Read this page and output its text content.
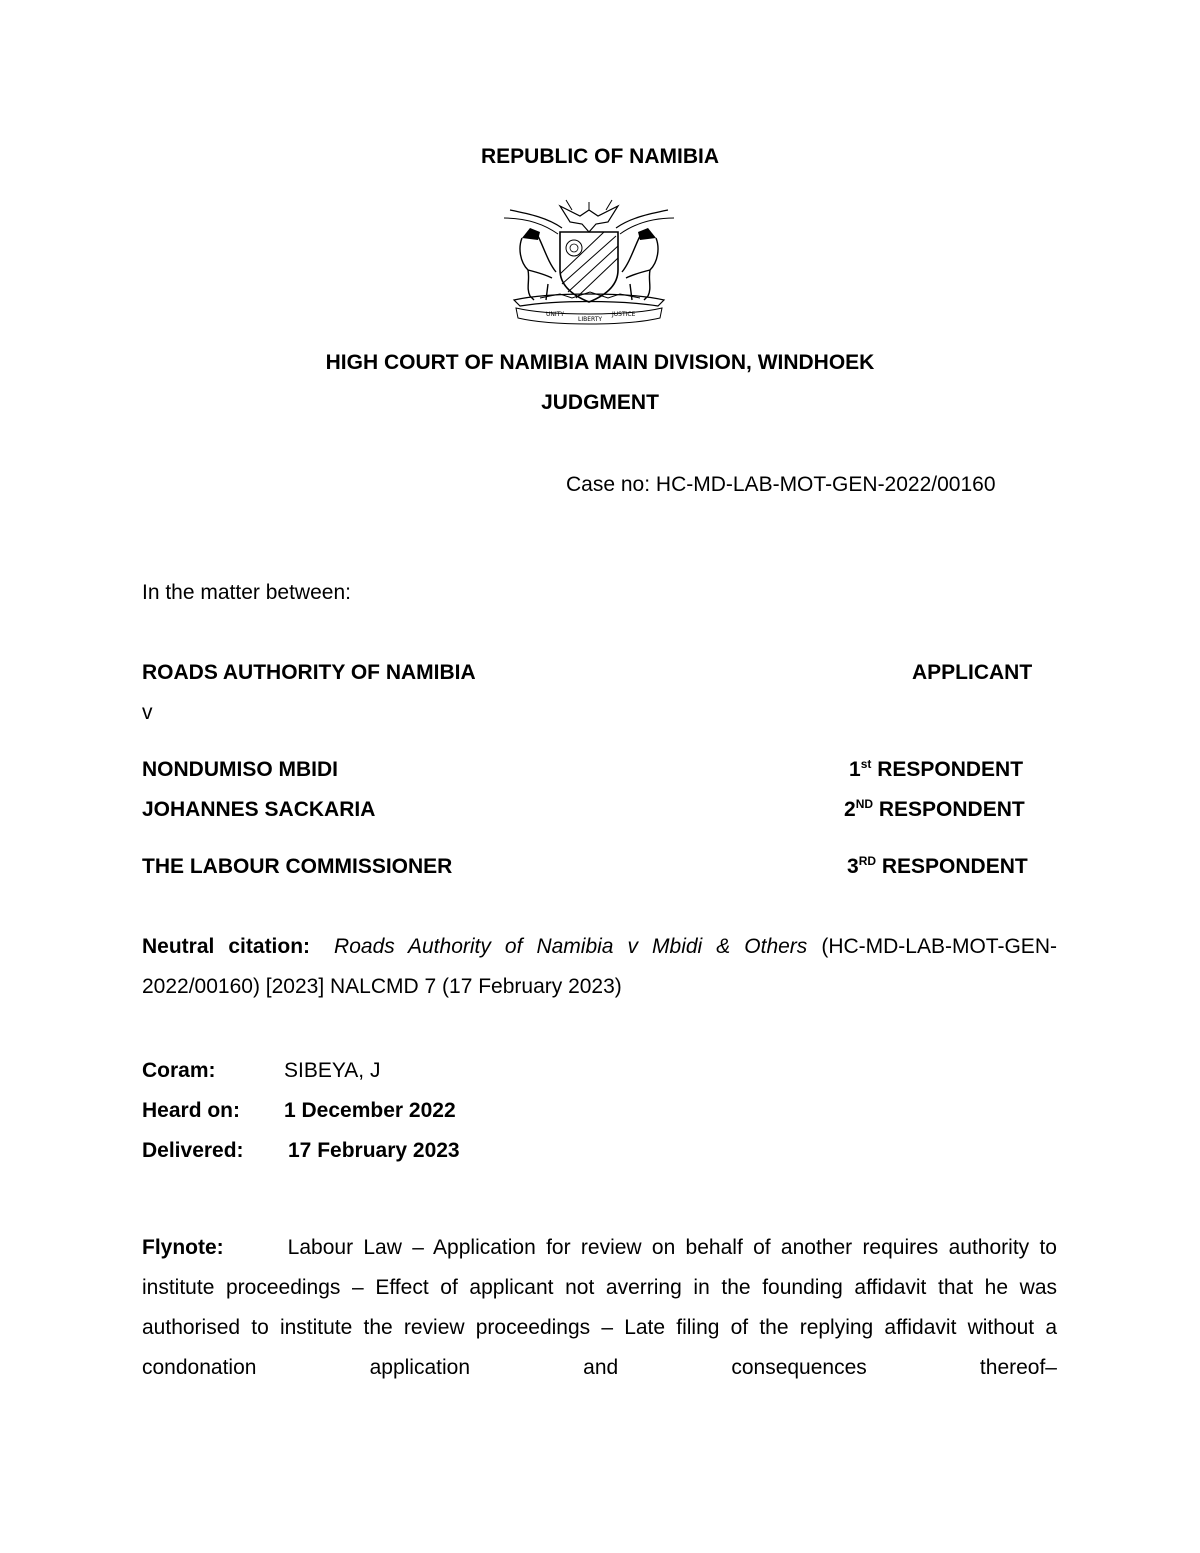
REPUBLIC OF NAMIBIA
UNITY
LIBERTY
JUSTICE
HIGH COURT OF NAMIBIA MAIN DIVISION, WINDHOEK
JUDGMENT
Case no: HC-MD-LAB-MOT-GEN-2022/00160
In the matter between:
ROADS AUTHORITY OF NAMIBIA	APPLICANT
v
NONDUMISO MBIDI	1st RESPONDENT
JOHANNES SACKARIA	2ND RESPONDENT
THE LABOUR COMMISSIONER	3RD RESPONDENT
Neutral citation: Roads Authority of Namibia v Mbidi & Others (HC-MD-LAB-MOT-GEN-2022/00160) [2023] NALCMD 7 (17 February 2023)
Coram:	SIBEYA, J
Heard on: 1 December 2022
Delivered: 17 February 2023
Flynote:	Labour Law – Application for review on behalf of another requires authority to institute proceedings – Effect of applicant not averring in the founding affidavit that he was authorised to institute the review proceedings – Late filing of the replying affidavit without a condonation application and consequences thereof–
